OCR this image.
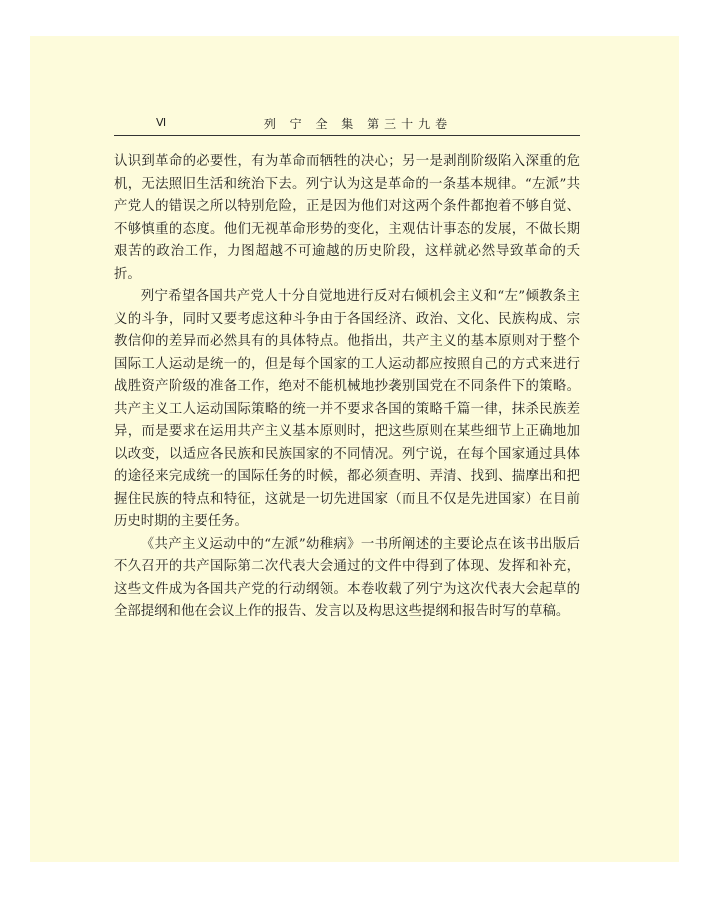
Ⅵ	列 宁 全 集 第三十九卷

认识到革命的必要性，有为革命而牺牲的决心；另一是剥削阶级陷入深重的危机，无法照旧生活和统治下去。列宁认为这是革命的一条基本规律。“左派”共产党人的错误之所以特别危险，正是因为他们对这两个条件都抱着不够自觉、不够慎重的态度。他们无视革命形势的变化，主观估计事态的发展，不做长期艰苦的政治工作，力图超越不可逾越的历史阶段，这样就必然导致革命的夭折。

列宁希望各国共产党人十分自觉地进行反对右倾机会主义和“左”倾教条主义的斗争，同时又要考虑这种斗争由于各国经济、政治、文化、民族构成、宗教信仰的差异而必然具有的具体特点。他指出，共产主义的基本原则对于整个国际工人运动是统一的，但是每个国家的工人运动都应按照自己的方式来进行战胜资产阶级的准备工作，绝对不能机械地抄袭别国党在不同条件下的策略。共产主义工人运动国际策略的统一并不要求各国的策略千篇一律，抹杀民族差异，而是要求在运用共产主义基本原则时，把这些原则在某些细节上正确地加以改变，以适应各民族和民族国家的不同情况。列宁说，在每个国家通过具体的途径来完成统一的国际任务的时候，都必须查明、弄清、找到、揣摩出和把握住民族的特点和特征，这就是一切先进国家（而且不仅是先进国家）在目前历史时期的主要任务。

《共产主义运动中的“左派”幼稚病》一书所阐述的主要论点在该书出版后不久召开的共产国际第二次代表大会通过的文件中得到了体现、发挥和补充，这些文件成为各国共产党的行动纲领。本卷收载了列宁为这次代表大会起草的全部提纲和他在会议上作的报告、发言以及构思这些提纲和报告时写的草稿。
